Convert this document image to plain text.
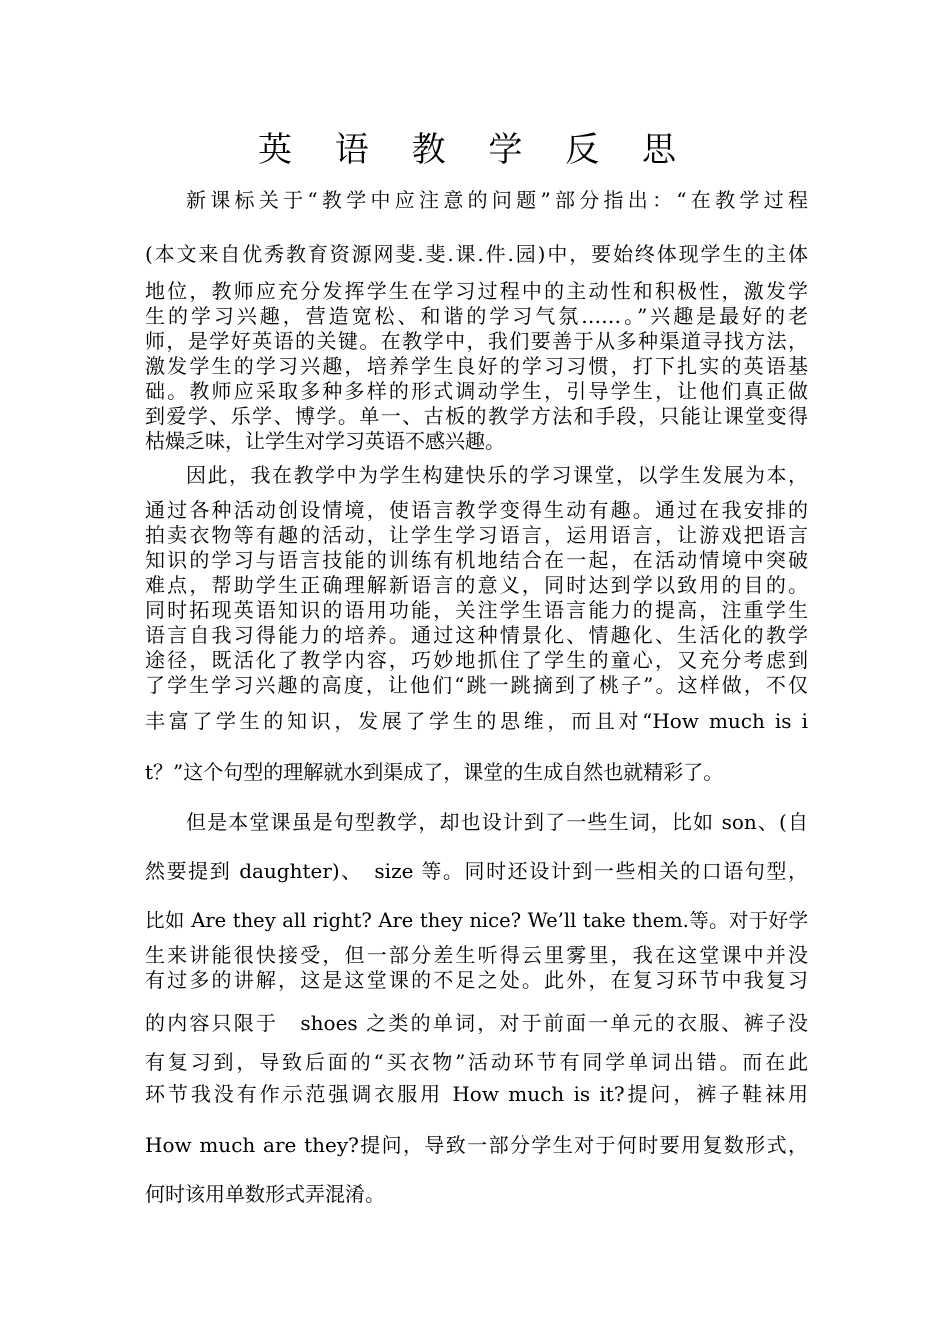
英 语 教 学 反 思
新课标关于“教学中应注意的问题”部分指出：“在教学过程
(本文来自优秀教育资源网斐.斐.课.件.园)中，要始终体现学生的主体
地位，教师应充分发挥学生在学习过程中的主动性和积极性，激发学
生的学习兴趣，营造宽松、和谐的学习气氛……。”兴趣是最好的老
师，是学好英语的关键。在教学中，我们要善于从多种渠道寻找方法，
激发学生的学习兴趣，培养学生良好的学习习惯，打下扎实的英语基
础。教师应采取多种多样的形式调动学生，引导学生，让他们真正做
到爱学、乐学、博学。单一、古板的教学方法和手段，只能让课堂变得
枯燥乏味，让学生对学习英语不感兴趣。
因此，我在教学中为学生构建快乐的学习课堂，以学生发展为本，
通过各种活动创设情境，使语言教学变得生动有趣。通过在我安排的
拍卖衣物等有趣的活动，让学生学习语言，运用语言，让游戏把语言
知识的学习与语言技能的训练有机地结合在一起，在活动情境中突破
难点，帮助学生正确理解新语言的意义，同时达到学以致用的目的。
同时拓现英语知识的语用功能，关注学生语言能力的提高，注重学生
语言自我习得能力的培养。通过这种情景化、情趣化、生活化的教学
途径，既活化了教学内容，巧妙地抓住了学生的童心，又充分考虑到
了学生学习兴趣的高度，让他们“跳一跳摘到了桃子”。这样做，不仅
丰富了学生的知识，发展了学生的思维，而且对“How much is i
t？”这个句型的理解就水到渠成了，课堂的生成自然也就精彩了。
但是本堂课虽是句型教学，却也设计到了一些生词，比如 son、(自
然要提到 daughter)、　size 等。同时还设计到一些相关的口语句型，
比如 Are they all right? Are they nice? We’ll take them.等。对于好学
生来讲能很快接受，但一部分差生听得云里雾里，我在这堂课中并没
有过多的讲解，这是这堂课的不足之处。此外，在复习环节中我复习
的内容只限于　shoes 之类的单词，对于前面一单元的衣服、裤子没
有复习到，导致后面的“买衣物”活动环节有同学单词出错。而在此
环节我没有作示范强调衣服用 How much is it?提问，裤子鞋袜用
How much are they?提问，导致一部分学生对于何时要用复数形式，
何时该用单数形式弄混淆。
